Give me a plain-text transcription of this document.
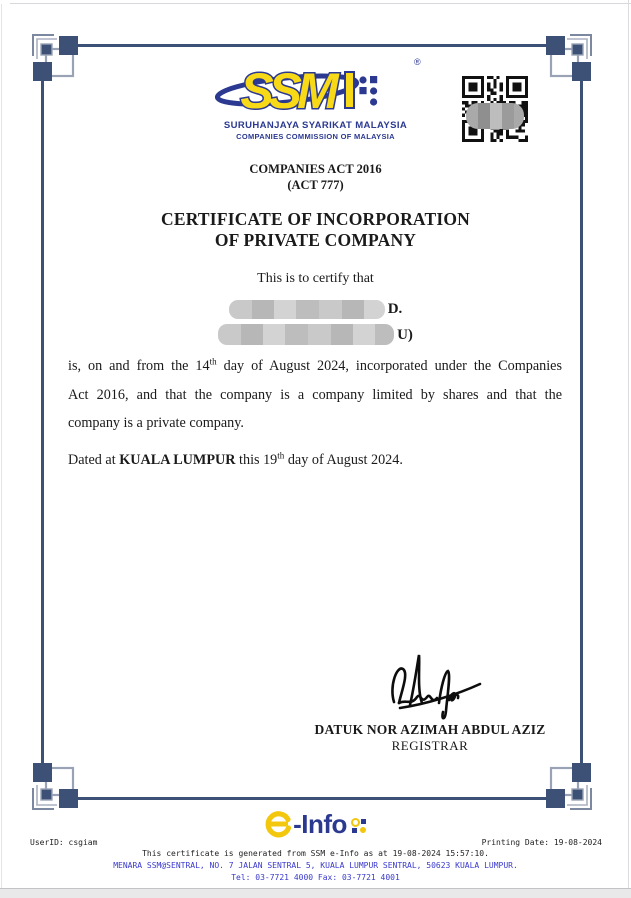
SSM
®
SURUHANJAYA SYARIKAT MALAYSIA
COMPANIES COMMISSION OF MALAYSIA
COMPANIES ACT 2016
(ACT 777)
CERTIFICATE OF INCORPORATION
OF PRIVATE COMPANY
This is to certify that
D.
U)
is, on and from the 14th day of August 2024, incorporated under the Companies
Act 2016, and that the company is a company limited by shares and that the
company is a private company.
Dated at KUALA LUMPUR this 19th day of August 2024.
DATUK NOR AZIMAH ABDUL AZIZ
REGISTRAR
-Info
UserID: csgiam	Printing Date: 19-08-2024
This certificate is generated from SSM e-Info as at 19-08-2024 15:57:10.
MENARA SSM@SENTRAL, NO. 7 JALAN SENTRAL 5, KUALA LUMPUR SENTRAL, 50623 KUALA LUMPUR.
Tel: 03-7721 4000 Fax: 03-7721 4001
